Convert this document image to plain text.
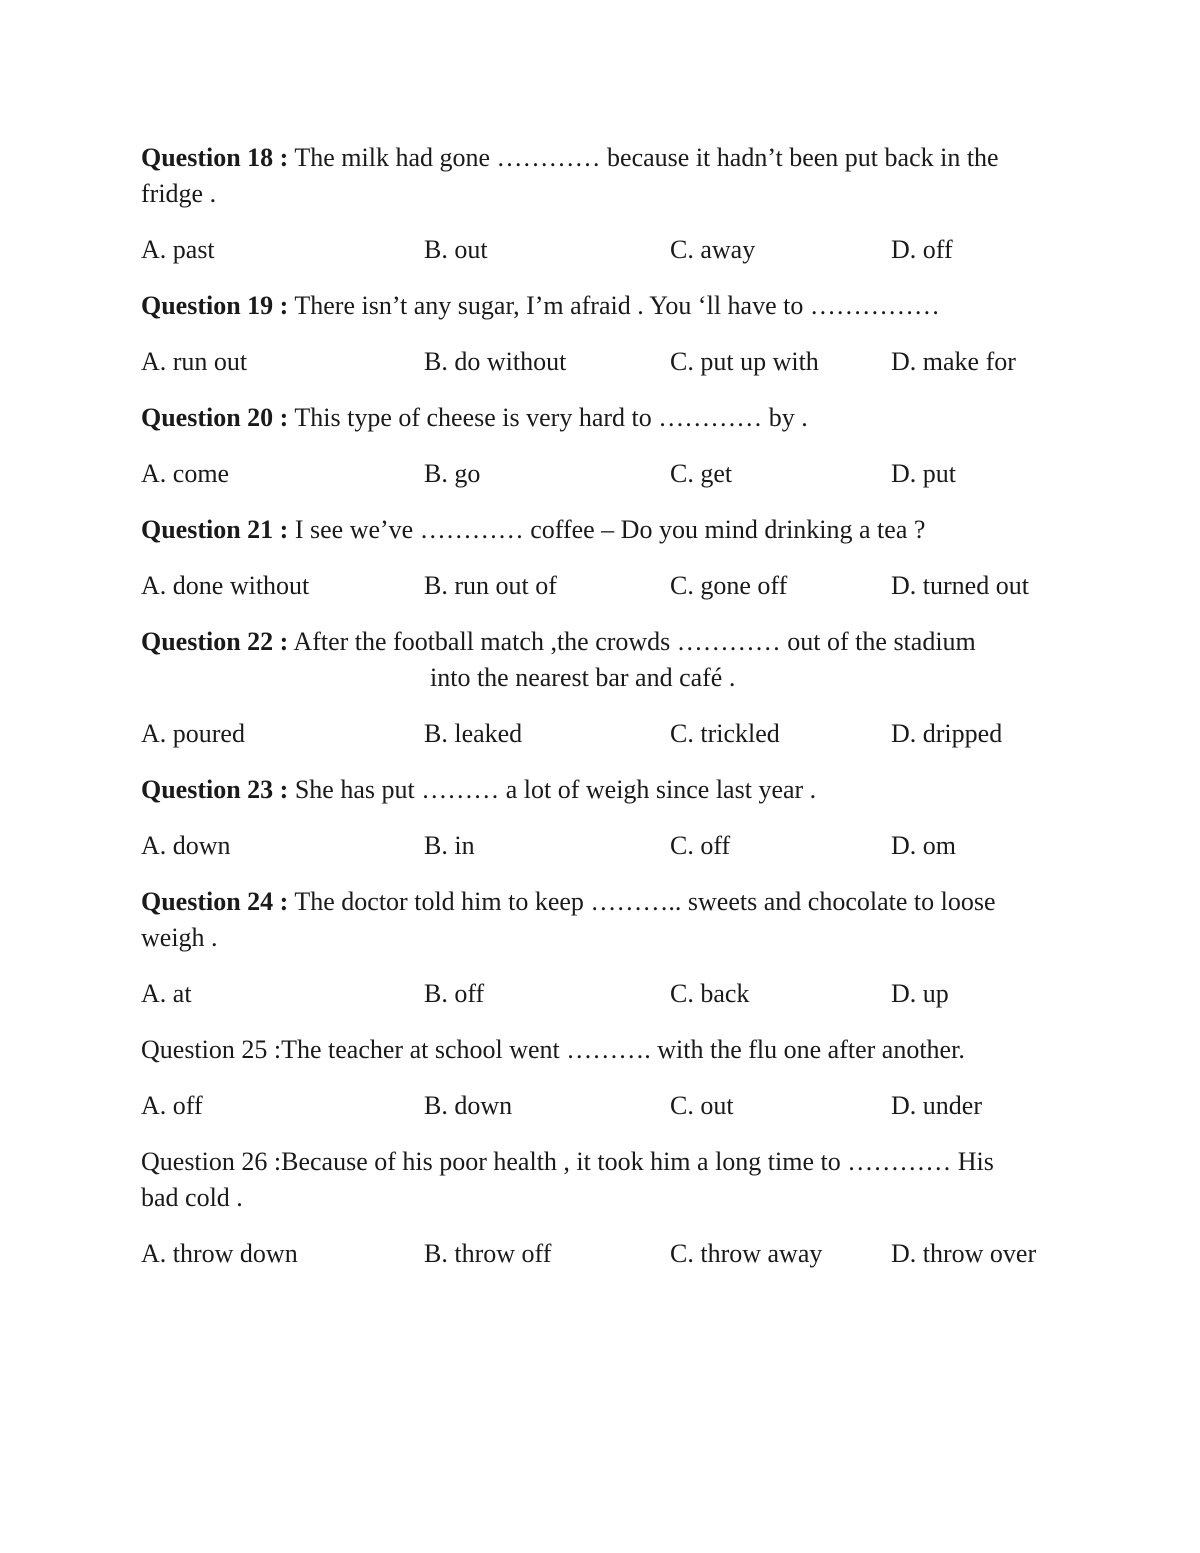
Question 18 : The milk had gone ………… because it hadn’t been put back in the
fridge .
A. past	B. out	C. away	D. off
Question 19 : There isn’t any sugar, I’m afraid . You ‘ll have to ……………
A. run out	B. do without	C. put up with	D. make for
Question 20 : This type of cheese is very hard to ………… by .
A. come	B. go	C. get	D. put
Question 21 : I see we’ve ………… coffee – Do you mind drinking a tea ?
A. done without	B. run out of	C. gone off	D. turned out
Question 22 : After the football match ,the crowds ………… out of the stadium
into the nearest bar and café .
A. poured	B. leaked	C. trickled	D. dripped
Question 23 : She has put ……… a lot of weigh since last year .
A. down	B. in	C. off	D. om
Question 24 : The doctor told him to keep ……….. sweets and chocolate to loose
weigh .
A. at	B. off	C. back	D. up
Question 25 :The teacher at school went ………. with the flu one after another.
A. off	B. down	C. out	D. under
Question 26 :Because of his poor health , it took him a long time to ………… His
bad cold .
A. throw down	B. throw off	C. throw away	D. throw over
